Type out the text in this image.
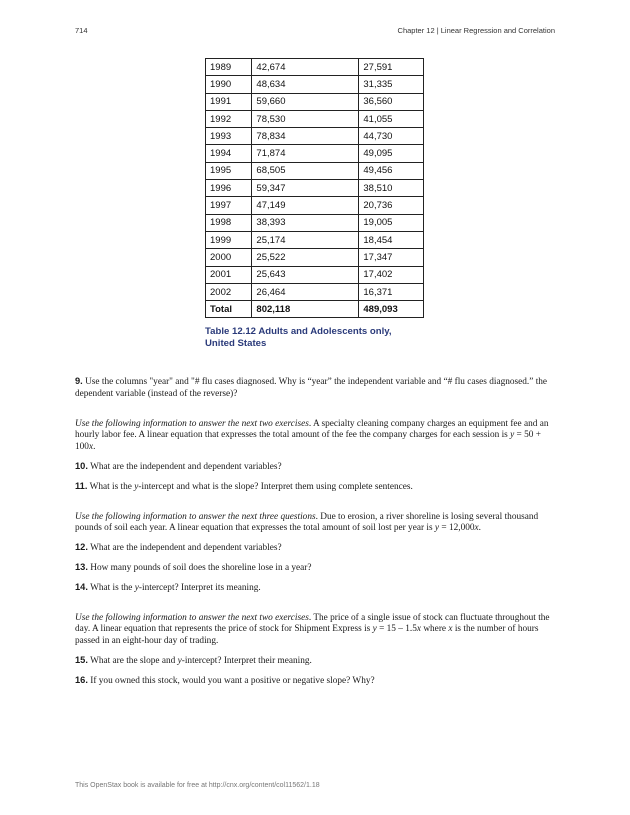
714	Chapter 12 | Linear Regression and Correlation
1989	42,674	27,591
1990	48,634	31,335
1991	59,660	36,560
1992	78,530	41,055
1993	78,834	44,730
1994	71,874	49,095
1995	68,505	49,456
1996	59,347	38,510
1997	47,149	20,736
1998	38,393	19,005
1999	25,174	18,454
2000	25,522	17,347
2001	25,643	17,402
2002	26,464	16,371
Total	802,118	489,093
Table 12.12 Adults and Adolescents only, United States

9. Use the columns "year" and "# flu cases diagnosed. Why is “year” the independent variable and “# flu cases diagnosed.” the dependent variable (instead of the reverse)?

Use the following information to answer the next two exercises. A specialty cleaning company charges an equipment fee and an hourly labor fee. A linear equation that expresses the total amount of the fee the company charges for each session is y = 50 + 100x.

10. What are the independent and dependent variables?

11. What is the y-intercept and what is the slope? Interpret them using complete sentences.

Use the following information to answer the next three questions. Due to erosion, a river shoreline is losing several thousand pounds of soil each year. A linear equation that expresses the total amount of soil lost per year is y = 12,000x.

12. What are the independent and dependent variables?

13. How many pounds of soil does the shoreline lose in a year?

14. What is the y-intercept? Interpret its meaning.

Use the following information to answer the next two exercises. The price of a single issue of stock can fluctuate throughout the day. A linear equation that represents the price of stock for Shipment Express is y = 15 – 1.5x where x is the number of hours passed in an eight-hour day of trading.

15. What are the slope and y-intercept? Interpret their meaning.

16. If you owned this stock, would you want a positive or negative slope? Why?

This OpenStax book is available for free at http://cnx.org/content/col11562/1.18
